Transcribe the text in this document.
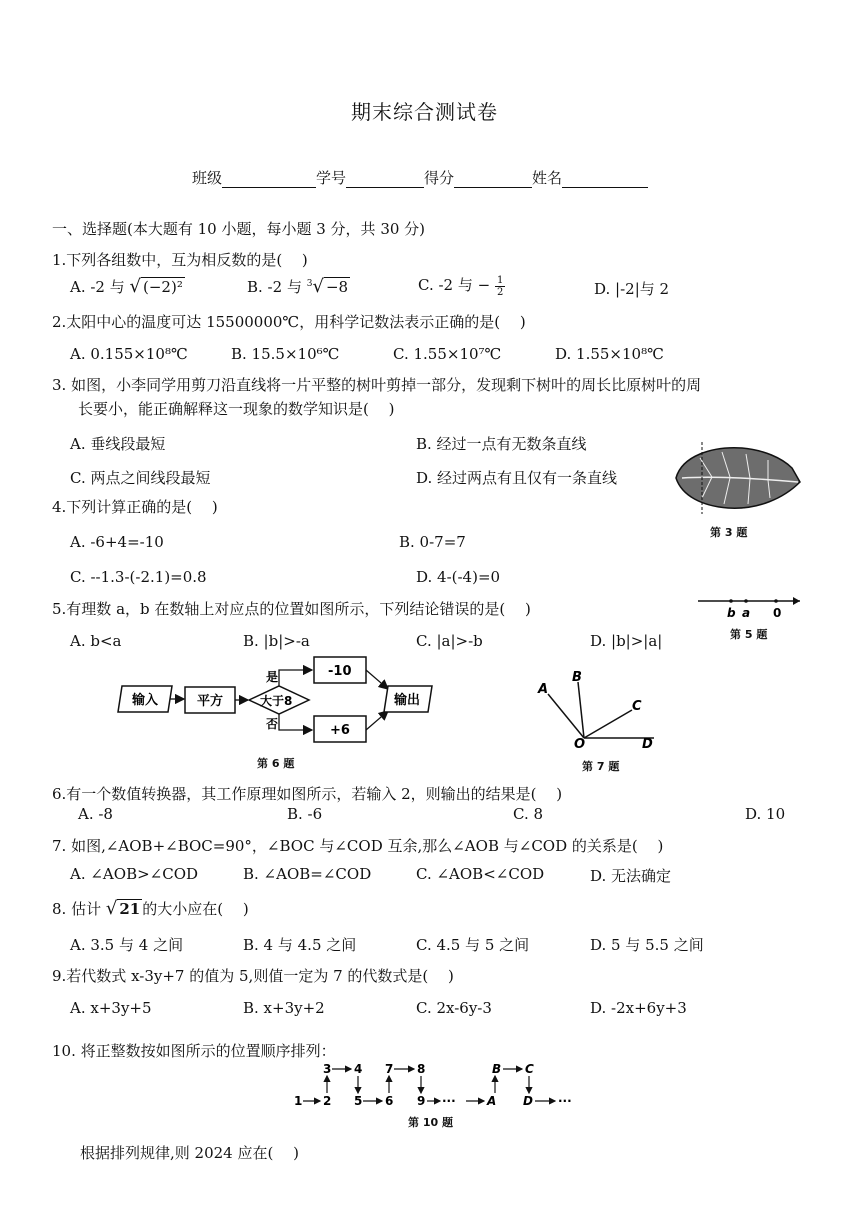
期末综合测试卷
班级	学号	得分	姓名
一、选择题(本大题有 10 小题，每小题 3 分，共 30 分)
1.下列各组数中，互为相反数的是(　 )
A. -2 与 √ (−2)²	B. -2 与 $^3$√ −8	C. -2 与 − $\frac{1}{2}$	D. |-2|与 2
2.太阳中心的温度可达 15500000℃，用科学记数法表示正确的是(　 )
A. 0.155×10⁸℃	B. 15.5×10⁶℃	C. 1.55×10⁷℃	D. 1.55×10⁸℃
3. 如图，小李同学用剪刀沿直线将一片平整的树叶剪掉一部分，发现剩下树叶的周长比原树叶的周
长要小，能正确解释这一现象的数学知识是(　 )
A. 垂线段最短	B. 经过一点有无数条直线
C. 两点之间线段最短	D. 经过两点有且仅有一条直线
第 3 题
4.下列计算正确的是(　 )
A. -6+4=-10	B. 0-7=7
C. --1.3-(-2.1)=0.8	D. 4-(-4)=0
b a 0
第 5 题
5.有理数 a，b 在数轴上对应点的位置如图所示，下列结论错误的是(　 )
A. b<a	B. |b|>-a	C. |a|>-b	D. |b|>|a|
输入	平方	大于8
是
否
-10
+6
输出
第 6 题
A
B
C
O	D
第 7 题
6.有一个数值转换器，其工作原理如图所示，若输入 2，则输出的结果是(　 )
A. -8	B. -6	C. 8	D. 10
7. 如图,∠AOB+∠BOC=90°，∠BOC 与∠COD 互余,那么∠AOB 与∠COD 的关系是(　 )
A. ∠AOB>∠COD	B. ∠AOB=∠COD	C. ∠AOB<∠COD	D. 无法确定
8. 估计 √ 21 的大小应在(　 )
A. 3.5 与 4 之间	B. 4 与 4.5 之间	C. 4.5 与 5 之间	D. 5 与 5.5 之间
9.若代数式 x-3y+7 的值为 5,则值一定为 7 的代数式是(　 )
A. x+3y+5	B. x+3y+2	C. 2x-6y-3	D. -2x+6y+3
10. 将正整数按如图所示的位置顺序排列：
1 2
3 4
5 6
7 8
9	A
B C
D
···	···
第 10 题
根据排列规律,则 2024 应在(　 )
